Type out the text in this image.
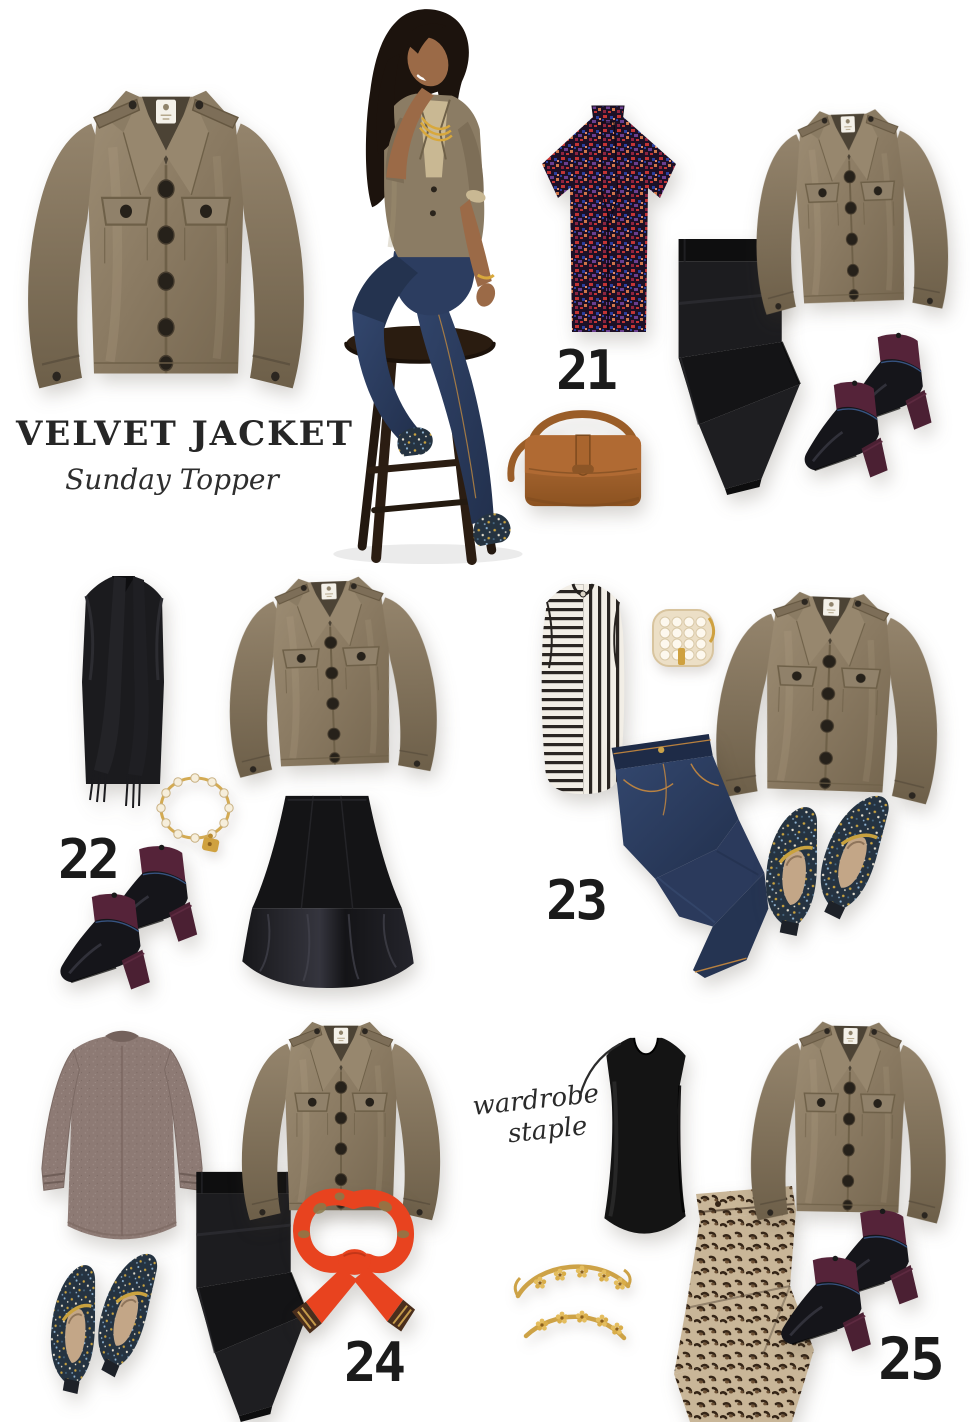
VELVET JACKET
Sunday Topper
21
22
23
24
wardrobe
staple
25
